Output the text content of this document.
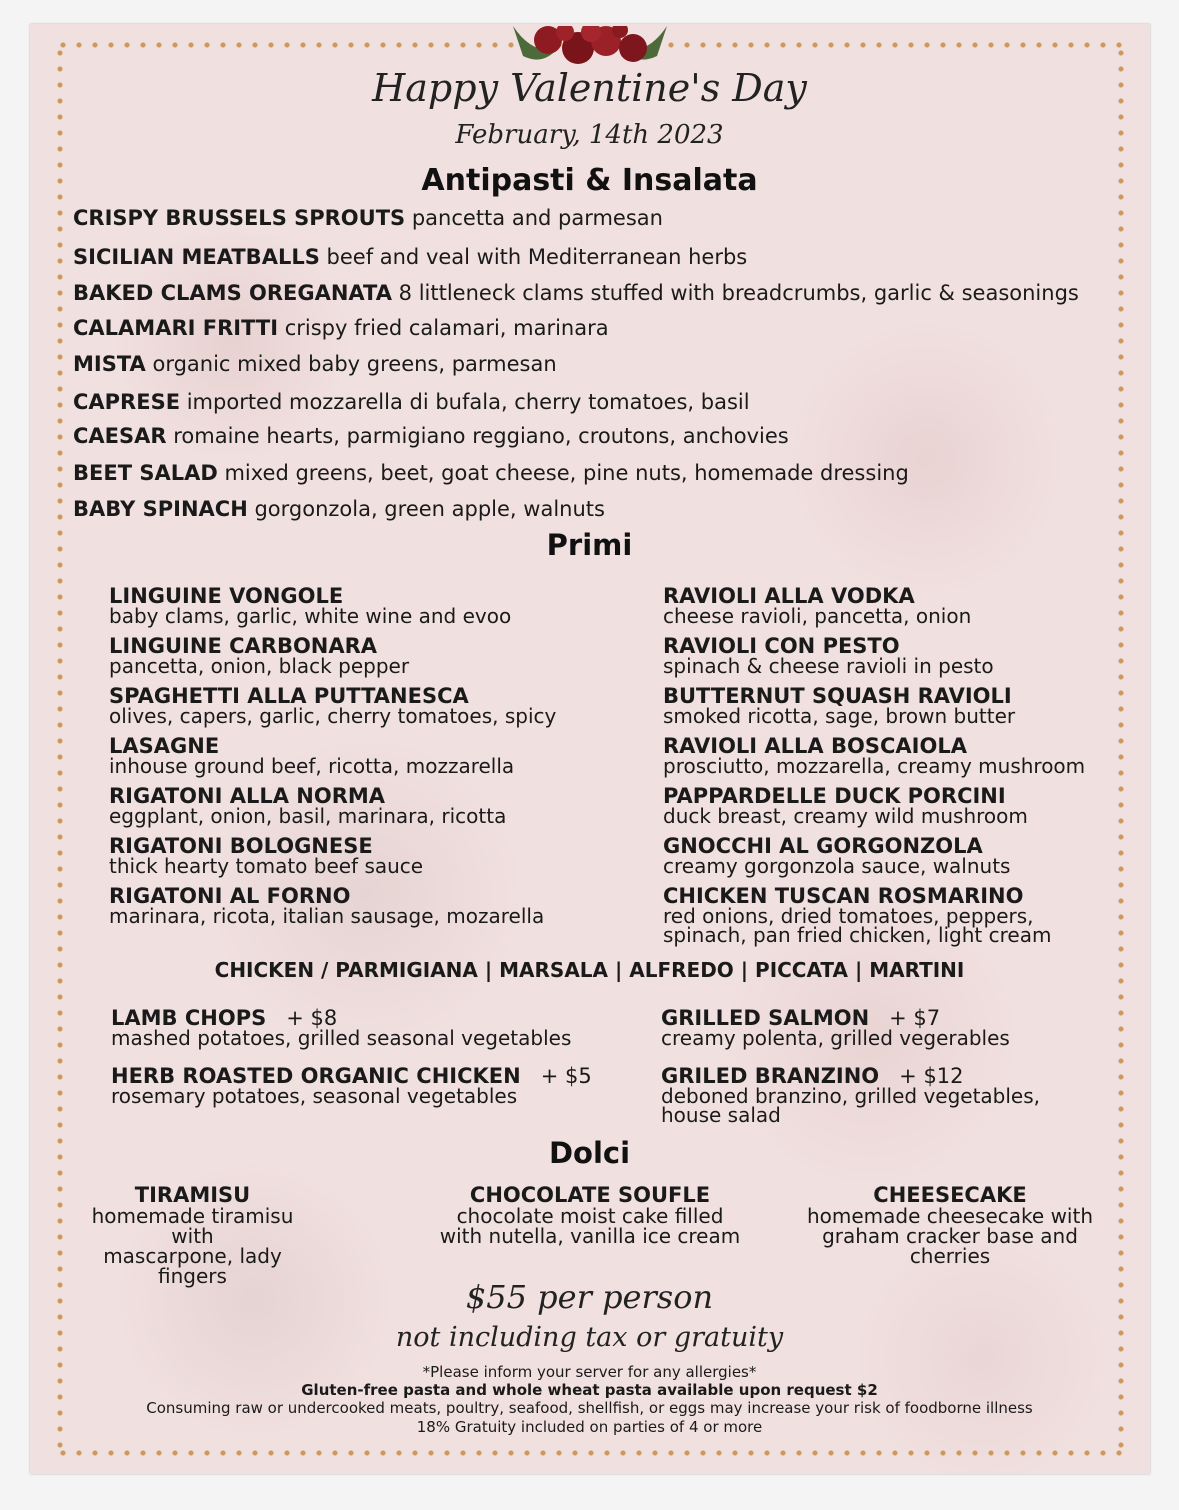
Happy Valentine's Day
February, 14th 2023
Antipasti & Insalata
CRISPY BRUSSELS SPROUTS pancetta and parmesan
SICILIAN MEATBALLS beef and veal with Mediterranean herbs
BAKED CLAMS OREGANATA 8 littleneck clams stuffed with breadcrumbs, garlic & seasonings
CALAMARI FRITTI crispy fried calamari, marinara
MISTA organic mixed baby greens, parmesan
CAPRESE imported mozzarella di bufala, cherry tomatoes, basil
CAESAR romaine hearts, parmigiano reggiano, croutons, anchovies
BEET SALAD mixed greens, beet, goat cheese, pine nuts, homemade dressing
BABY SPINACH gorgonzola, green apple, walnuts
Primi
LINGUINE VONGOLE
baby clams, garlic, white wine and evoo
LINGUINE CARBONARA
pancetta, onion, black pepper
SPAGHETTI ALLA PUTTANESCA
olives, capers, garlic, cherry tomatoes, spicy
LASAGNE
inhouse ground beef, ricotta, mozzarella
RIGATONI ALLA NORMA
eggplant, onion, basil, marinara, ricotta
RIGATONI BOLOGNESE
thick hearty tomato beef sauce
RIGATONI AL FORNO
marinara, ricota, italian sausage, mozarella
RAVIOLI ALLA VODKA
cheese ravioli, pancetta, onion
RAVIOLI CON PESTO
spinach & cheese ravioli in pesto
BUTTERNUT SQUASH RAVIOLI
smoked ricotta, sage, brown butter
RAVIOLI ALLA BOSCAIOLA
prosciutto, mozzarella, creamy mushroom
PAPPARDELLE DUCK PORCINI
duck breast, creamy wild mushroom
GNOCCHI AL GORGONZOLA
creamy gorgonzola sauce, walnuts
CHICKEN TUSCAN ROSMARINO
red onions, dried tomatoes, peppers,
spinach, pan fried chicken, light cream
CHICKEN / PARMIGIANA | MARSALA | ALFREDO | PICCATA | MARTINI
LAMB CHOPS + $8
mashed potatoes, grilled seasonal vegetables
GRILLED SALMON + $7
creamy polenta, grilled vegerables
HERB ROASTED ORGANIC CHICKEN + $5
rosemary potatoes, seasonal vegetables
GRILED BRANZINO + $12
deboned branzino, grilled vegetables,
house salad
Dolci
TIRAMISU
homemade tiramisu with
mascarpone, lady fingers
CHOCOLATE SOUFLE
chocolate moist cake filled
with nutella, vanilla ice cream
CHEESECAKE
homemade cheesecake with
graham cracker base and
cherries
$55 per person
not including tax or gratuity
*Please inform your server for any allergies*
Gluten-free pasta and whole wheat pasta available upon request $2
Consuming raw or undercooked meats, poultry, seafood, shellfish, or eggs may increase your risk of foodborne illness
18% Gratuity included on parties of 4 or more
